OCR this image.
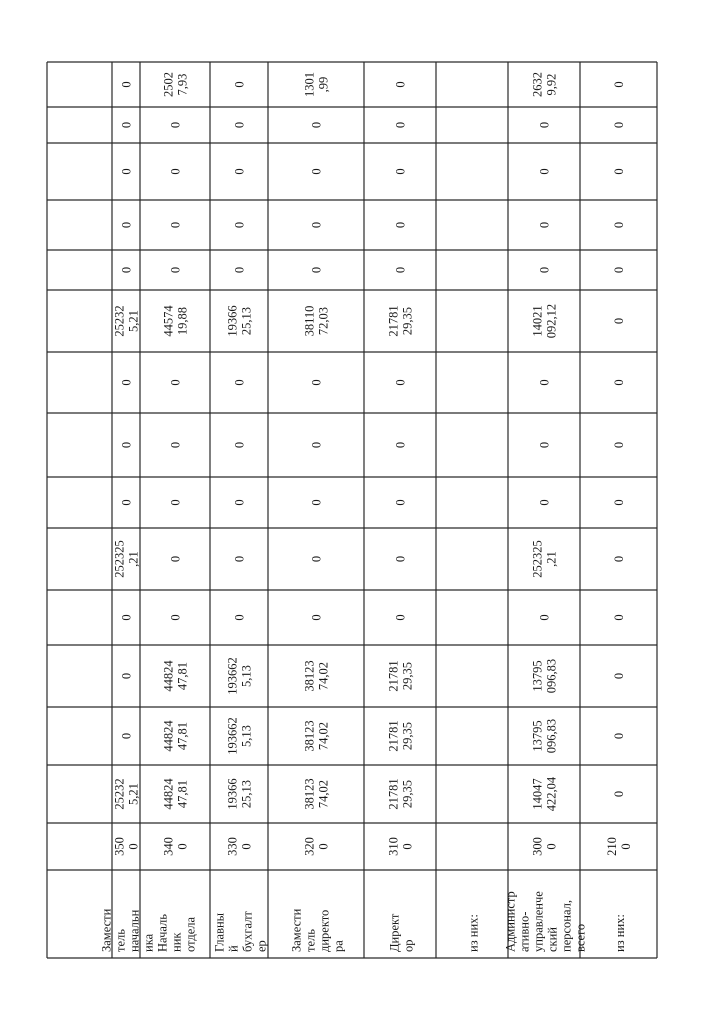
0
0
0
0
0
0
0
0
0
0
0
0
0
0
210 0
из них:
14047 422,04
13795 096,83
13795 096,83
0
252325 ,21
0
0
0
14021 092,12
0
0
0
0
2632 9,92
300 0
Администр ативно- управленче ский персонал, всего
из них:
21781 29,35
21781 29,35
21781 29,35
0
0
0
0
0
21781 29,35
0
0
0
0
0
310 0
Директ ор
38123 74,02
38123 74,02
38123 74,02
0
0
0
0
0
38110 72,03
0
0
0
0
1301 ,99
320 0
Замести тель директо ра
19366 25,13
193662 5,13
193662 5,13
0
0
0
0
0
19366 25,13
0
0
0
0
0
330 0
Главны й бухгалт ер
44824 47,81
44824 47,81
44824 47,81
0
0
0
0
0
44574 19,88
0
0
0
0
2502 7,93
340 0
Началь ник отдела
25232 5,21
0
0
0
252325 ,21
0
0
0
25232 5,21
0
0
0
0
0
350 0
Замести тель начальн ика
